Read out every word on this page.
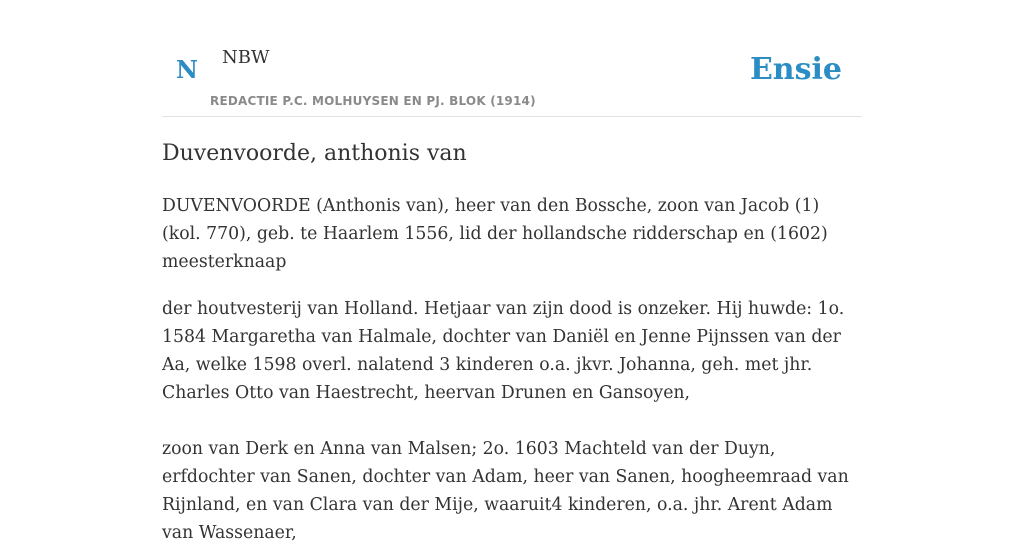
N NBW
REDACTIE P.C. MOLHUYSEN EN PJ. BLOK (1914)
Ensie
Duvenvoorde, anthonis van

DUVENVOORDE (Anthonis van), heer van den Bossche, zoon van Jacob (1) (kol. 770), geb. te Haarlem 1556, lid der hollandsche ridderschap en (1602) meesterknaap

der houtvesterij van Holland. Hetjaar van zijn dood is onzeker. Hij huwde: 1o. 1584 Margaretha van Halmale, dochter van Daniël en Jenne Pijnssen van der Aa, welke 1598 overl. nalatend 3 kinderen o.a. jkvr. Johanna, geh. met jhr. Charles Otto van Haestrecht, heervan Drunen en Gansoyen,

zoon van Derk en Anna van Malsen; 2o. 1603 Machteld van der Duyn, erfdochter van Sanen, dochter van Adam, heer van Sanen, hoogheemraad van Rijnland, en van Clara van der Mije, waaruit4 kinderen, o.a. jhr. Arent Adam van Wassenaer,
